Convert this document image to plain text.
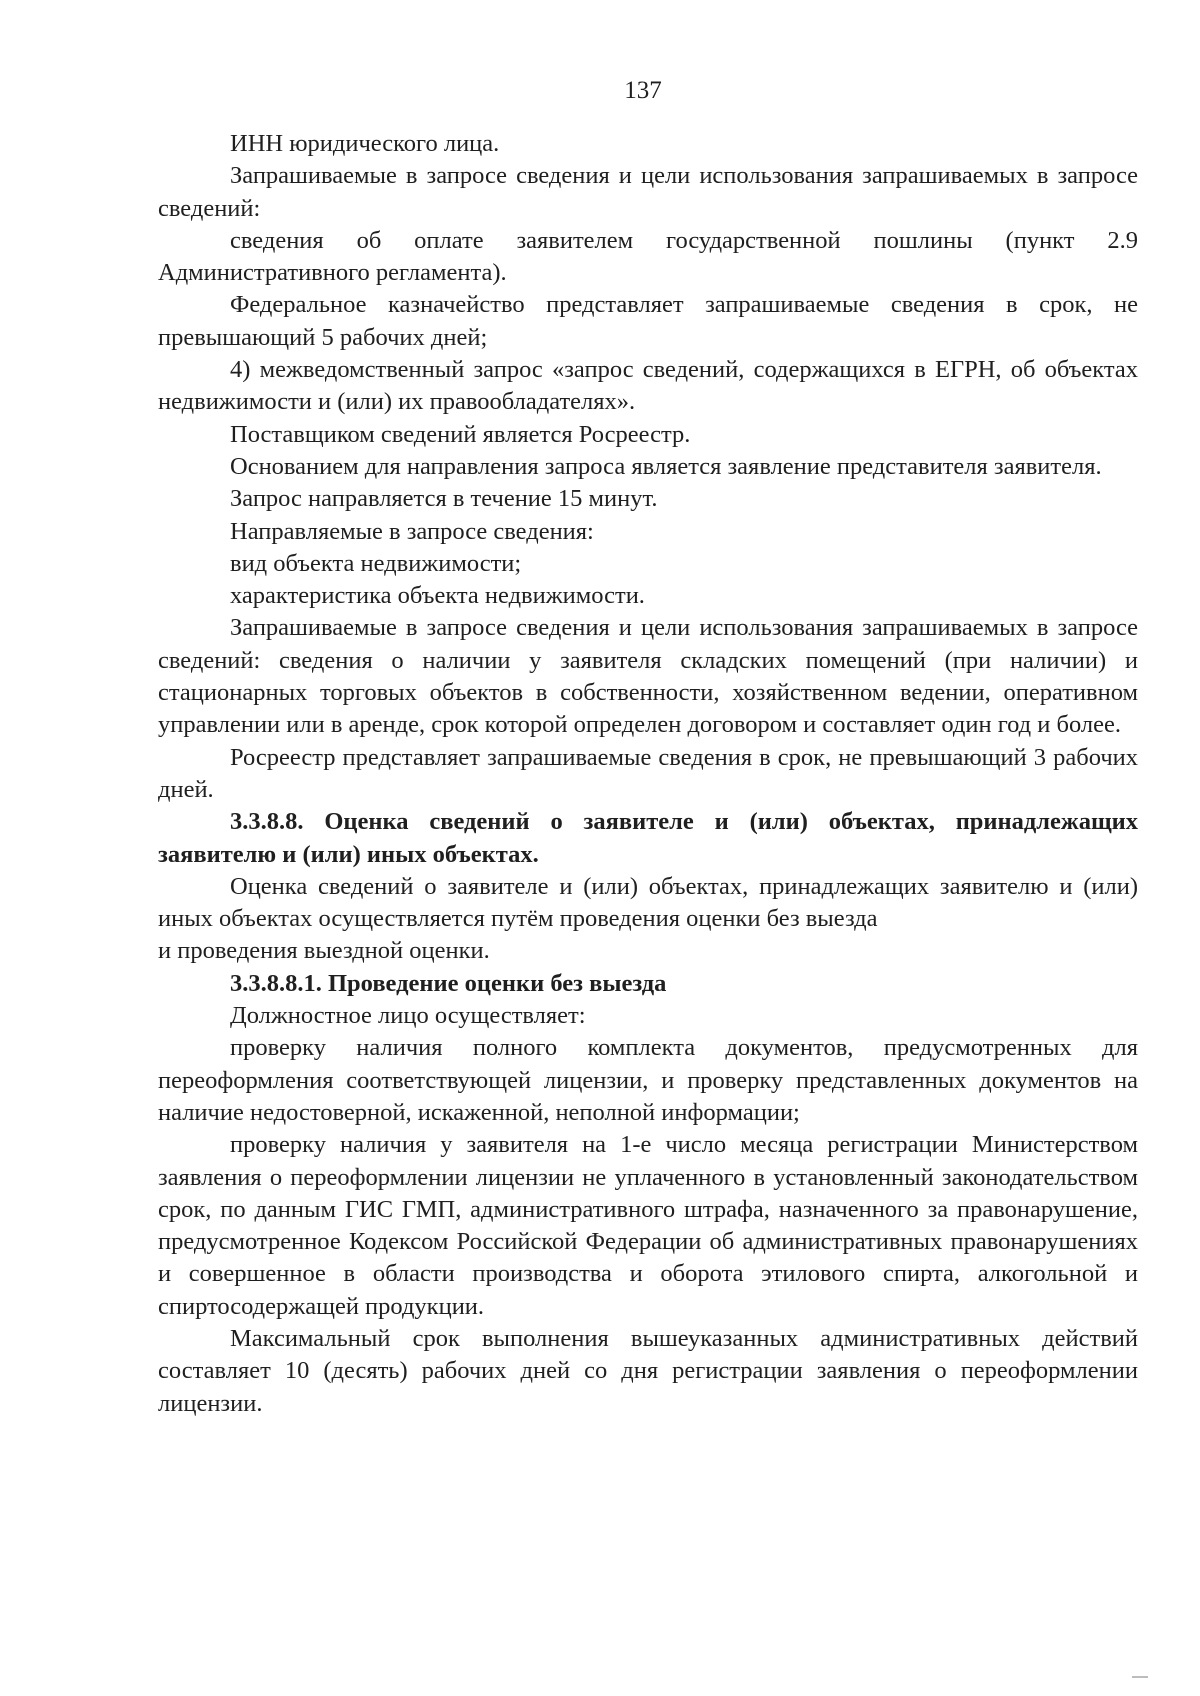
137

ИНН юридического лица.

Запрашиваемые в запросе сведения и цели использования запрашиваемых в запросе сведений:

сведения об оплате заявителем государственной пошлины (пункт 2.9 Административного регламента).

Федеральное казначейство представляет запрашиваемые сведения в срок, не превышающий 5 рабочих дней;

4) межведомственный запрос «запрос сведений, содержащихся в ЕГРН, об объектах недвижимости и (или) их правообладателях».

Поставщиком сведений является Росреестр.

Основанием для направления запроса является заявление представителя заявителя.

Запрос направляется в течение 15 минут.

Направляемые в запросе сведения:

вид объекта недвижимости;

характеристика объекта недвижимости.

Запрашиваемые в запросе сведения и цели использования запрашиваемых в запросе сведений: сведения о наличии у заявителя складских помещений (при наличии) и стационарных торговых объектов в собственности, хозяйственном ведении, оперативном управлении или в аренде, срок которой определен договором и составляет один год и более.

Росреестр представляет запрашиваемые сведения в срок, не превышающий 3 рабочих дней.

3.3.8.8. Оценка сведений о заявителе и (или) объектах, принадлежащих заявителю и (или) иных объектах.

Оценка сведений о заявителе и (или) объектах, принадлежащих заявителю и (или) иных объектах осуществляется путём проведения оценки без выезда

и проведения выездной оценки.

3.3.8.8.1. Проведение оценки без выезда

Должностное лицо осуществляет:

проверку наличия полного комплекта документов, предусмотренных для переоформления соответствующей лицензии, и проверку представленных документов на наличие недостоверной, искаженной, неполной информации;

проверку наличия у заявителя на 1-е число месяца регистрации Министерством заявления о переоформлении лицензии не уплаченного в установленный законодательством срок, по данным ГИС ГМП, административного штрафа, назначенного за правонарушение, предусмотренное Кодексом Российской Федерации об административных правонарушениях и совершенное в области производства и оборота этилового спирта, алкогольной и спиртосодержащей продукции.

Максимальный срок выполнения вышеуказанных административных действий составляет 10 (десять) рабочих дней со дня регистрации заявления о переоформлении лицензии.
